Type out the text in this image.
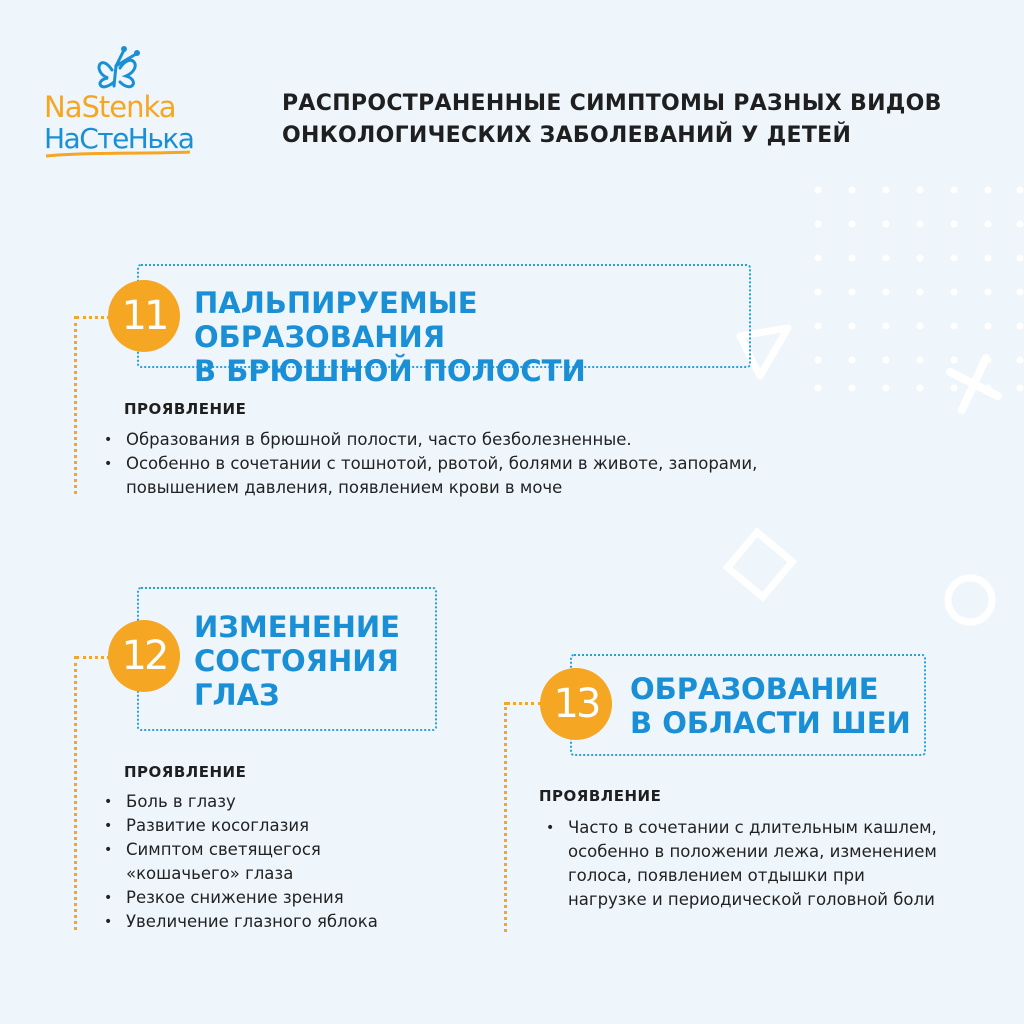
NaStenka
НаСтеНька
РАСПРОСТРАНЕННЫЕ СИМПТОМЫ РАЗНЫХ ВИДОВ
ОНКОЛОГИЧЕСКИХ ЗАБОЛЕВАНИЙ У ДЕТЕЙ
11 ПАЛЬПИРУЕМЫЕ ОБРАЗОВАНИЯ
В БРЮШНОЙ ПОЛОСТИ
ПРОЯВЛЕНИЕ
• Образования в брюшной полости, часто безболезненные.
• Особенно в сочетании с тошнотой, рвотой, болями в животе, запорами, повышением давления, появлением крови в моче
12
ИЗМЕНЕНИЕ
СОСТОЯНИЯ
ГЛАЗ
ПРОЯВЛЕНИЕ
• Боль в глазу
• Развитие косоглазия
• Симптом светящегося «кошачьего» глаза
• Резкое снижение зрения
• Увеличение глазного яблока
13	ОБРАЗОВАНИЕ
В ОБЛАСТИ ШЕИ
ПРОЯВЛЕНИЕ
• Часто в сочетании с длительным кашлем, особенно в положении лежа, изменением голоса, появлением отдышки при нагрузке и периодической головной боли
